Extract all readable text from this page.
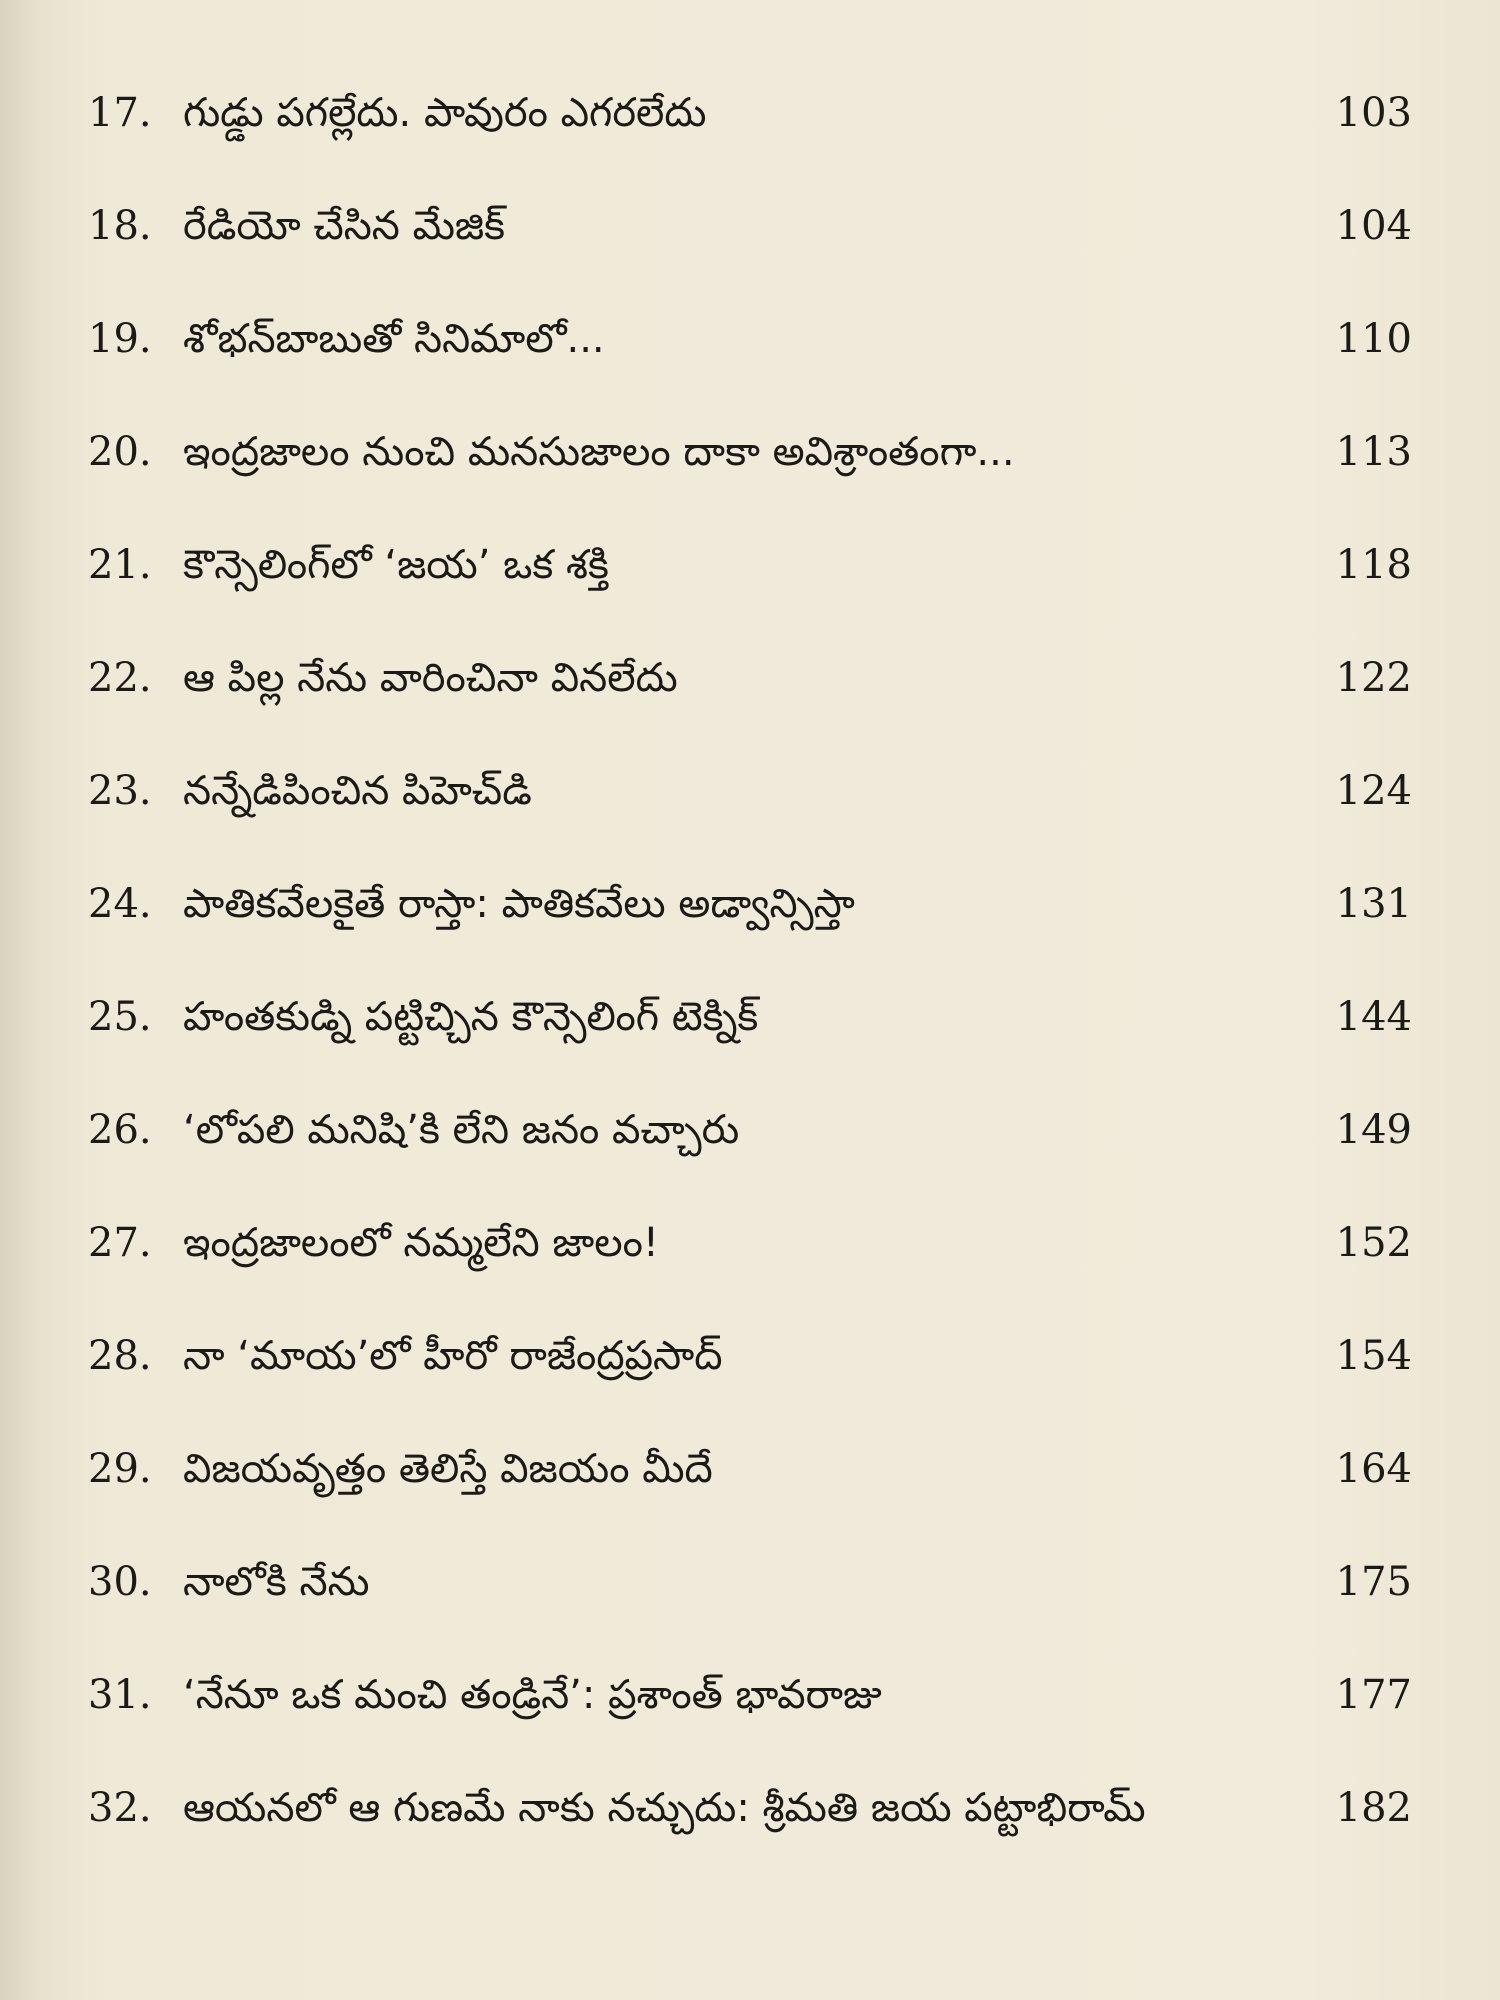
17. గుడ్డు పగల్లేదు. పావురం ఎగరలేదు	103
18. రేడియో చేసిన మేజిక్	104
19. శోభన్‌బాబుతో సినిమాలో...	110
20. ఇంద్రజాలం నుంచి మనసుజాలం దాకా అవిశ్రాంతంగా...	113
21. కౌన్సెలింగ్‌లో ‘జయ’ ఒక శక్తి	118
22. ఆ పిల్ల నేను వారించినా వినలేదు	122
23. నన్నేడిపించిన పిహెచ్‌డి	124
24. పాతికవేలకైతే రాస్తా: పాతికవేలు అడ్వాన్సిస్తా	131
25. హంతకుడ్ని పట్టిచ్చిన కౌన్సెలింగ్ టెక్నిక్	144
26. ‘లోపలి మనిషి’కి లేని జనం వచ్చారు	149
27. ఇంద్రజాలంలో నమ్మలేని జాలం!	152
28. నా ‘మాయ’లో హీరో రాజేంద్రప్రసాద్	154
29. విజయవృత్తం తెలిస్తే విజయం మీదే	164
30. నాలోకి నేను	175
31. ‘నేనూ ఒక మంచి తండ్రినే’: ప్రశాంత్ భావరాజు	177
32. ఆయనలో ఆ గుణమే నాకు నచ్చుదు: శ్రీమతి జయ పట్టాభిరామ్	182
